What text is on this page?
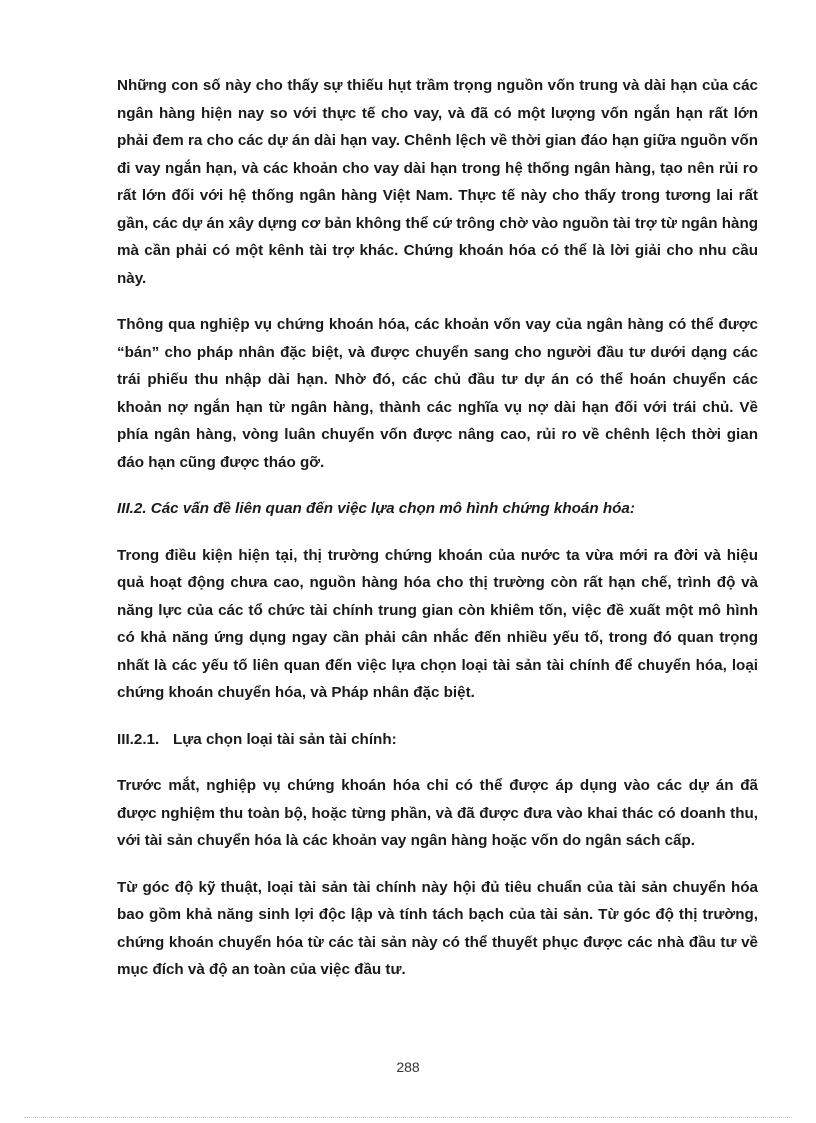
Những con số này cho thấy sự thiếu hụt trầm trọng nguồn vốn trung và dài hạn của các ngân hàng hiện nay so với thực tế cho vay, và đã có một lượng vốn ngắn hạn rất lớn phải đem ra cho các dự án dài hạn vay. Chênh lệch về thời gian đáo hạn giữa nguồn vốn đi vay ngắn hạn, và các khoản cho vay dài hạn trong hệ thống ngân hàng, tạo nên rủi ro rất lớn đối với hệ thống ngân hàng Việt Nam. Thực tế này cho thấy trong tương lai rất gần, các dự án xây dựng cơ bản không thể cứ trông chờ vào nguồn tài trợ từ ngân hàng mà cần phải có một kênh tài trợ khác. Chứng khoán hóa có thể là lời giải cho nhu cầu này.

Thông qua nghiệp vụ chứng khoán hóa, các khoản vốn vay của ngân hàng có thể được “bán” cho pháp nhân đặc biệt, và được chuyển sang cho người đầu tư dưới dạng các trái phiếu thu nhập dài hạn. Nhờ đó, các chủ đầu tư dự án có thể hoán chuyển các khoản nợ ngắn hạn từ ngân hàng, thành các nghĩa vụ nợ dài hạn đối với trái chủ. Về phía ngân hàng, vòng luân chuyển vốn được nâng cao, rủi ro về chênh lệch thời gian đáo hạn cũng được tháo gỡ.

III.2. Các vấn đề liên quan đến việc lựa chọn mô hình chứng khoán hóa:

Trong điều kiện hiện tại, thị trường chứng khoán của nước ta vừa mới ra đời và hiệu quả hoạt động chưa cao, nguồn hàng hóa cho thị trường còn rất hạn chế, trình độ và năng lực của các tổ chức tài chính trung gian còn khiêm tốn, việc đề xuất một mô hình có khả năng ứng dụng ngay cần phải cân nhắc đến nhiều yếu tố, trong đó quan trọng nhất là các yếu tố liên quan đến việc lựa chọn loại tài sản tài chính để chuyển hóa, loại chứng khoán chuyển hóa, và Pháp nhân đặc biệt.

III.2.1. Lựa chọn loại tài sản tài chính:

Trước mắt, nghiệp vụ chứng khoán hóa chỉ có thể được áp dụng vào các dự án đã được nghiệm thu toàn bộ, hoặc từng phần, và đã được đưa vào khai thác có doanh thu, với tài sản chuyển hóa là các khoản vay ngân hàng hoặc vốn do ngân sách cấp.

Từ góc độ kỹ thuật, loại tài sản tài chính này hội đủ tiêu chuẩn của tài sản chuyển hóa bao gồm khả năng sinh lợi độc lập và tính tách bạch của tài sản. Từ góc độ thị trường, chứng khoán chuyển hóa từ các tài sản này có thể thuyết phục được các nhà đầu tư về mục đích và độ an toàn của việc đầu tư.

288
